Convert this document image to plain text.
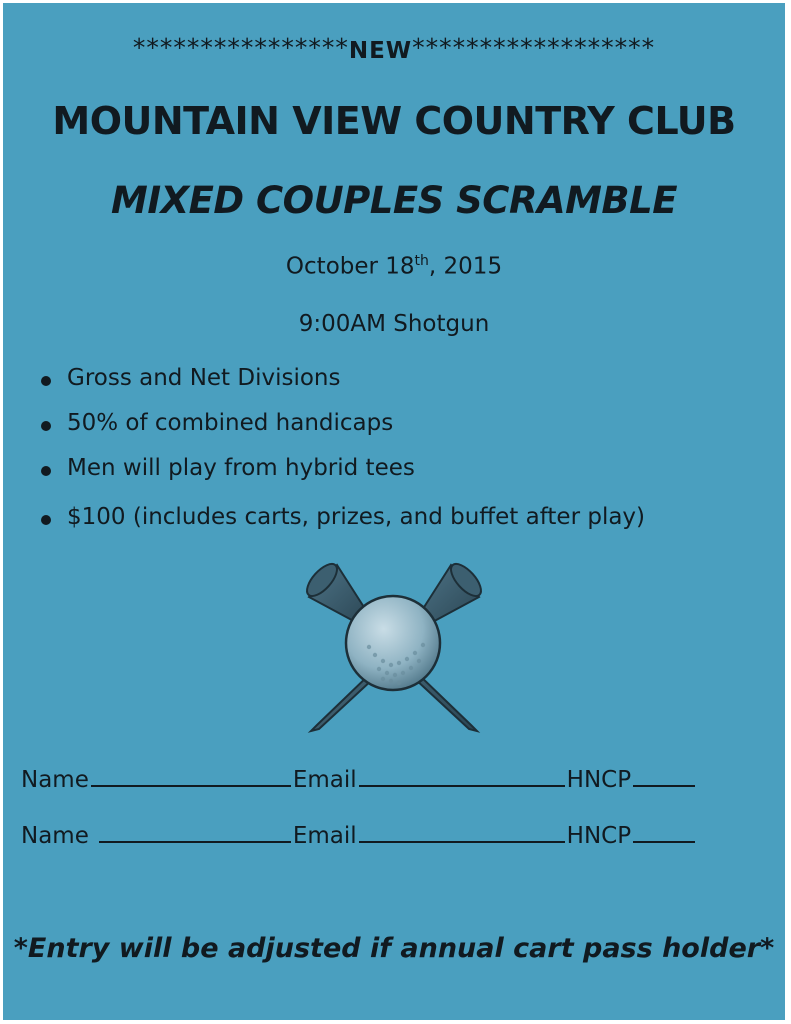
****************NEW******************
MOUNTAIN VIEW COUNTRY CLUB
MIXED COUPLES SCRAMBLE
October 18th, 2015
9:00AM Shotgun
Gross and Net Divisions
50% of combined handicaps
Men will play from hybrid tees
$100 (includes carts, prizes, and buffet after play)
Name	Email	HNCP
Name	Email	HNCP
*Entry will be adjusted if annual cart pass holder*
